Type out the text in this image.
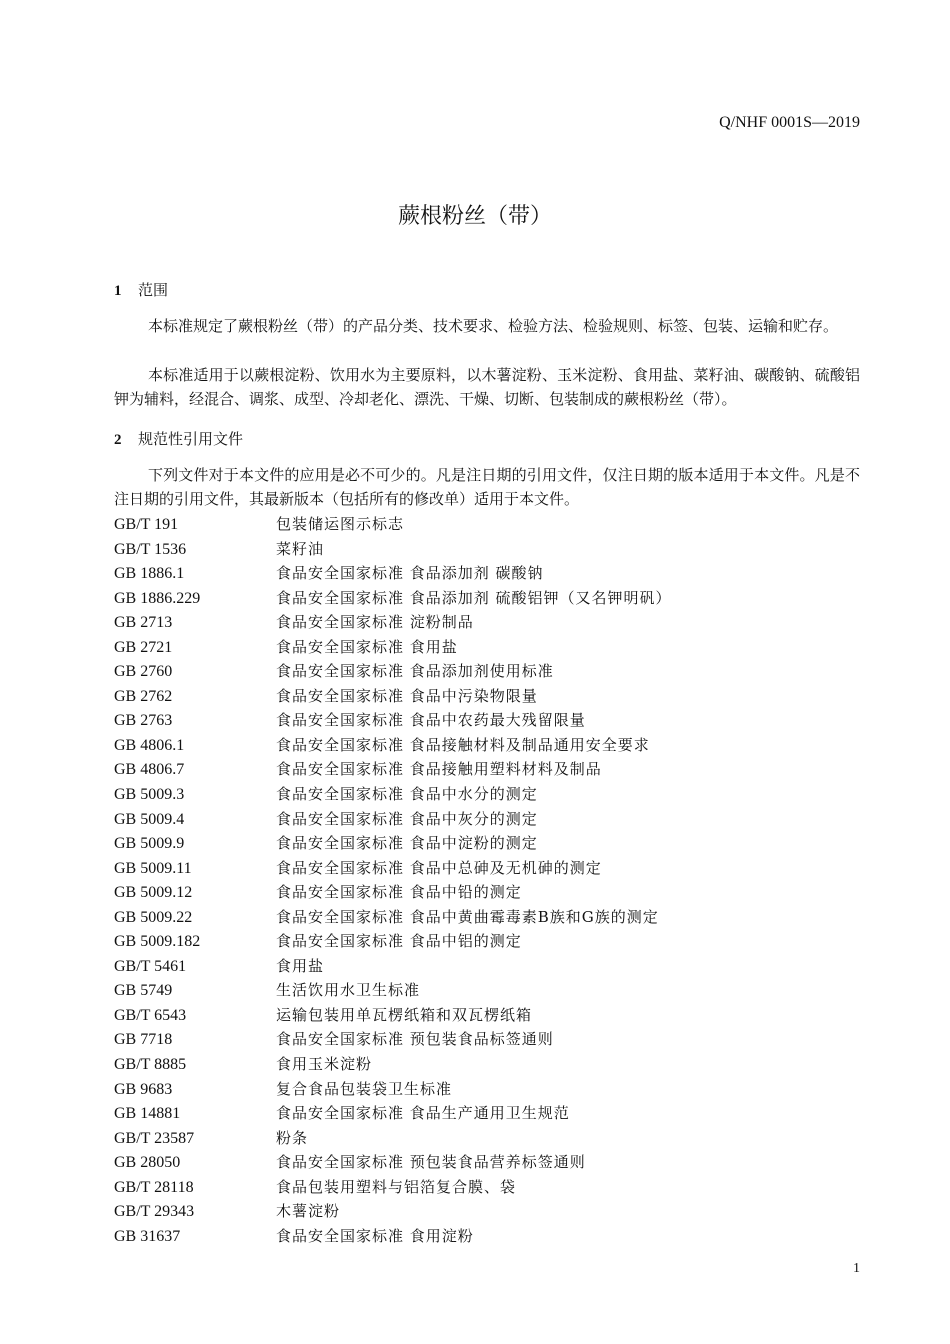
Q/NHF 0001S—2019
蕨根粉丝（带）
1 范围
本标准规定了蕨根粉丝（带）的产品分类、技术要求、检验方法、检验规则、标签、包装、运输和贮存。
本标准适用于以蕨根淀粉、饮用水为主要原料，以木薯淀粉、玉米淀粉、食用盐、菜籽油、碳酸钠、硫酸铝钾为辅料，经混合、调浆、成型、冷却老化、漂洗、干燥、切断、包装制成的蕨根粉丝（带）。
2 规范性引用文件
下列文件对于本文件的应用是必不可少的。凡是注日期的引用文件，仅注日期的版本适用于本文件。凡是不注日期的引用文件，其最新版本（包括所有的修改单）适用于本文件。
GB/T 191	包装储运图示标志
GB/T 1536	菜籽油
GB 1886.1	食品安全国家标准 食品添加剂 碳酸钠
GB 1886.229	食品安全国家标准 食品添加剂 硫酸铝钾（又名钾明矾）
GB 2713	食品安全国家标准 淀粉制品
GB 2721	食品安全国家标准 食用盐
GB 2760	食品安全国家标准 食品添加剂使用标准
GB 2762	食品安全国家标准 食品中污染物限量
GB 2763	食品安全国家标准 食品中农药最大残留限量
GB 4806.1	食品安全国家标准 食品接触材料及制品通用安全要求
GB 4806.7	食品安全国家标准 食品接触用塑料材料及制品
GB 5009.3	食品安全国家标准 食品中水分的测定
GB 5009.4	食品安全国家标准 食品中灰分的测定
GB 5009.9	食品安全国家标准 食品中淀粉的测定
GB 5009.11	食品安全国家标准 食品中总砷及无机砷的测定
GB 5009.12	食品安全国家标准 食品中铅的测定
GB 5009.22	食品安全国家标准 食品中黄曲霉毒素B族和G族的测定
GB 5009.182	食品安全国家标准 食品中铝的测定
GB/T 5461	食用盐
GB 5749	生活饮用水卫生标准
GB/T 6543	运输包装用单瓦楞纸箱和双瓦楞纸箱
GB 7718	食品安全国家标准 预包装食品标签通则
GB/T 8885	食用玉米淀粉
GB 9683	复合食品包装袋卫生标准
GB 14881	食品安全国家标准 食品生产通用卫生规范
GB/T 23587	粉条
GB 28050	食品安全国家标准 预包装食品营养标签通则
GB/T 28118	食品包装用塑料与铝箔复合膜、袋
GB/T 29343	木薯淀粉
GB 31637	食品安全国家标准 食用淀粉
1
